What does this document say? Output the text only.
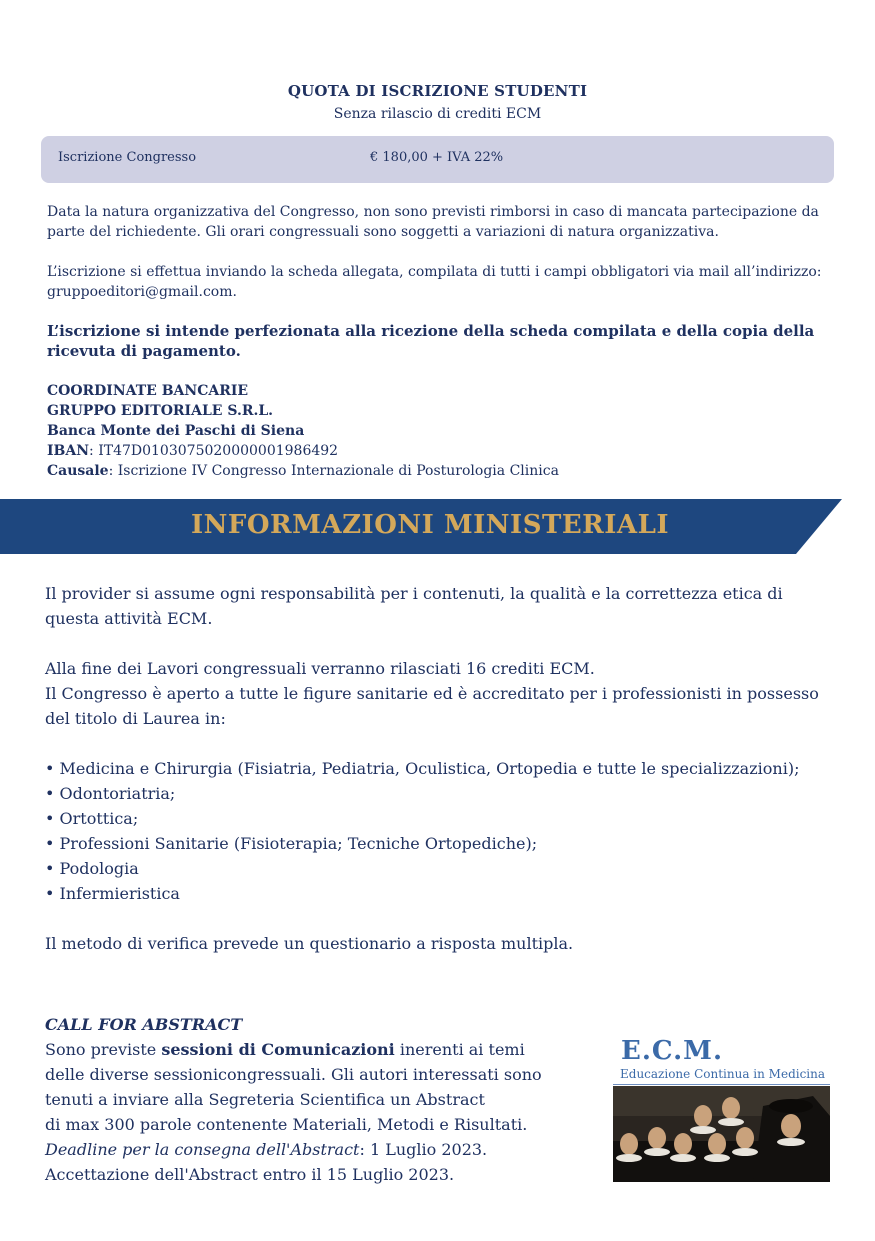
QUOTA DI ISCRIZIONE STUDENTI
Senza rilascio di crediti ECM
Iscrizione Congresso	€ 180,00 + IVA 22%
Data la natura organizzativa del Congresso, non sono previsti rimborsi in caso di mancata partecipazione da parte del richiedente. Gli orari congressuali sono soggetti a variazioni di natura organizzativa.
L’iscrizione si effettua inviando la scheda allegata, compilata di tutti i campi obbligatori via mail all’indirizzo: gruppoeditori@gmail.com.
L’iscrizione si intende perfezionata alla ricezione della scheda compilata e della copia della ricevuta di pagamento.
COORDINATE BANCARIE
GRUPPO EDITORIALE S.R.L.
Banca Monte dei Paschi di Siena
IBAN: IT47D0103075020000001986492
Causale: Iscrizione IV Congresso Internazionale di Posturologia Clinica
INFORMAZIONI MINISTERIALI
Il provider si assume ogni responsabilità per i contenuti, la qualità e la correttezza etica di questa attività ECM.
Alla fine dei Lavori congressuali verranno rilasciati 16 crediti ECM.
Il Congresso è aperto a tutte le figure sanitarie ed è accreditato per i professionisti in possesso del titolo di Laurea in:
• Medicina e Chirurgia (Fisiatria, Pediatria, Oculistica, Ortopedia e tutte le specializzazioni);
• Odontoriatria;
• Ortottica;
• Professioni Sanitarie (Fisioterapia; Tecniche Ortopediche);
• Podologia
• Infermieristica
Il metodo di verifica prevede un questionario a risposta multipla.
CALL FOR ABSTRACT
Sono previste sessioni di Comunicazioni inerenti ai temi
delle diverse sessionicongressuali. Gli autori interessati sono
tenuti a inviare alla Segreteria Scientifica un Abstract
di max 300 parole contenente Materiali, Metodi e Risultati.
Deadline per la consegna dell'Abstract: 1 Luglio 2023.
Accettazione dell'Abstract entro il 15 Luglio 2023.
E.C.M.
Educazione Continua in Medicina
